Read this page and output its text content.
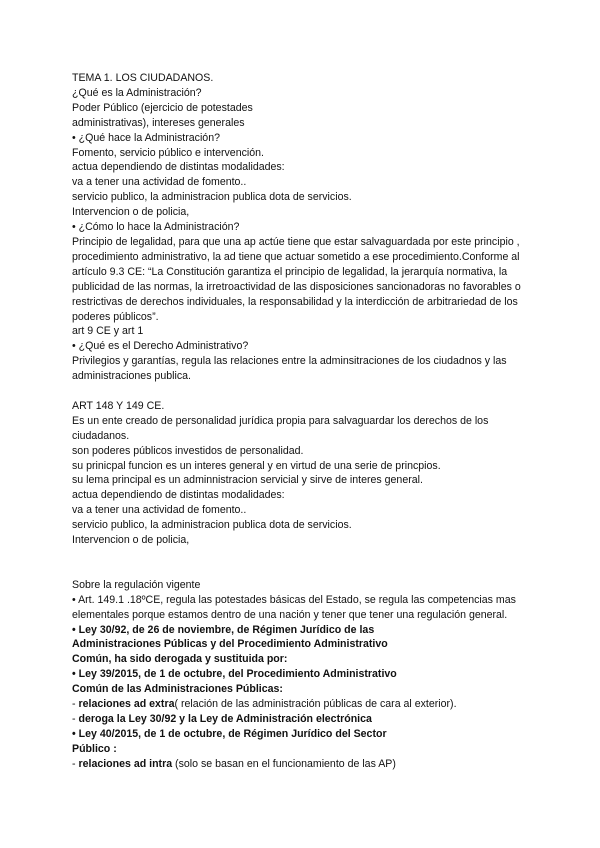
TEMA 1. LOS CIUDADANOS.

¿Qué es la Administración?

Poder Público (ejercicio de potestades

administrativas), intereses generales

• ¿Qué hace la Administración?

Fomento, servicio público e intervención.

actua dependiendo de distintas modalidades:

va a tener una actividad de fomento..

servicio publico, la administracion publica dota de servicios.

Intervencion o de policia,

• ¿Cómo lo hace la Administración?

Principio de legalidad, para que una ap actúe tiene que estar salvaguardada por este principio , procedimiento administrativo, la ad tiene que actuar sometido a ese procedimiento.Conforme al artículo 9.3 CE: “La Constitución garantiza el principio de legalidad, la jerarquía normativa, la publicidad de las normas, la irretroactividad de las disposiciones sancionadoras no favorables o restrictivas de derechos individuales, la responsabilidad y la interdicción de arbitrariedad de los poderes públicos”.

art 9 CE y art 1

• ¿Qué es el Derecho Administrativo?

Privilegios y garantías, regula las relaciones entre la adminsitraciones de los ciudadnos y las administraciones publica.

ART 148 Y 149 CE.

Es un ente creado de personalidad jurídica propia para salvaguardar los derechos de los ciudadanos.

son poderes públicos investidos de personalidad.

su prinicpal funcion es un interes general y en virtud de una serie de princpios.

su lema principal es un adminnistracion servicial y sirve de interes general.

actua dependiendo de distintas modalidades:

va a tener una actividad de fomento..

servicio publico, la administracion publica dota de servicios.

Intervencion o de policia,

Sobre la regulación vigente

• Art. 149.1 .18ºCE, regula las potestades básicas del Estado, se regula las competencias mas elementales porque estamos dentro de una nación y tener que tener una regulación general.

• Ley 30/92, de 26 de noviembre, de Régimen Jurídico de las

Administraciones Públicas y del Procedimiento Administrativo

Común, ha sido derogada y sustituida por:

• Ley 39/2015, de 1 de octubre, del Procedimiento Administrativo

Común de las Administraciones Públicas:

- relaciones ad extra( relación de las administración públicas de cara al exterior).

- deroga la Ley 30/92 y la Ley de Administración electrónica

• Ley 40/2015, de 1 de octubre, de Régimen Jurídico del Sector

Público :

- relaciones ad intra (solo se basan en el funcionamiento de las AP)
